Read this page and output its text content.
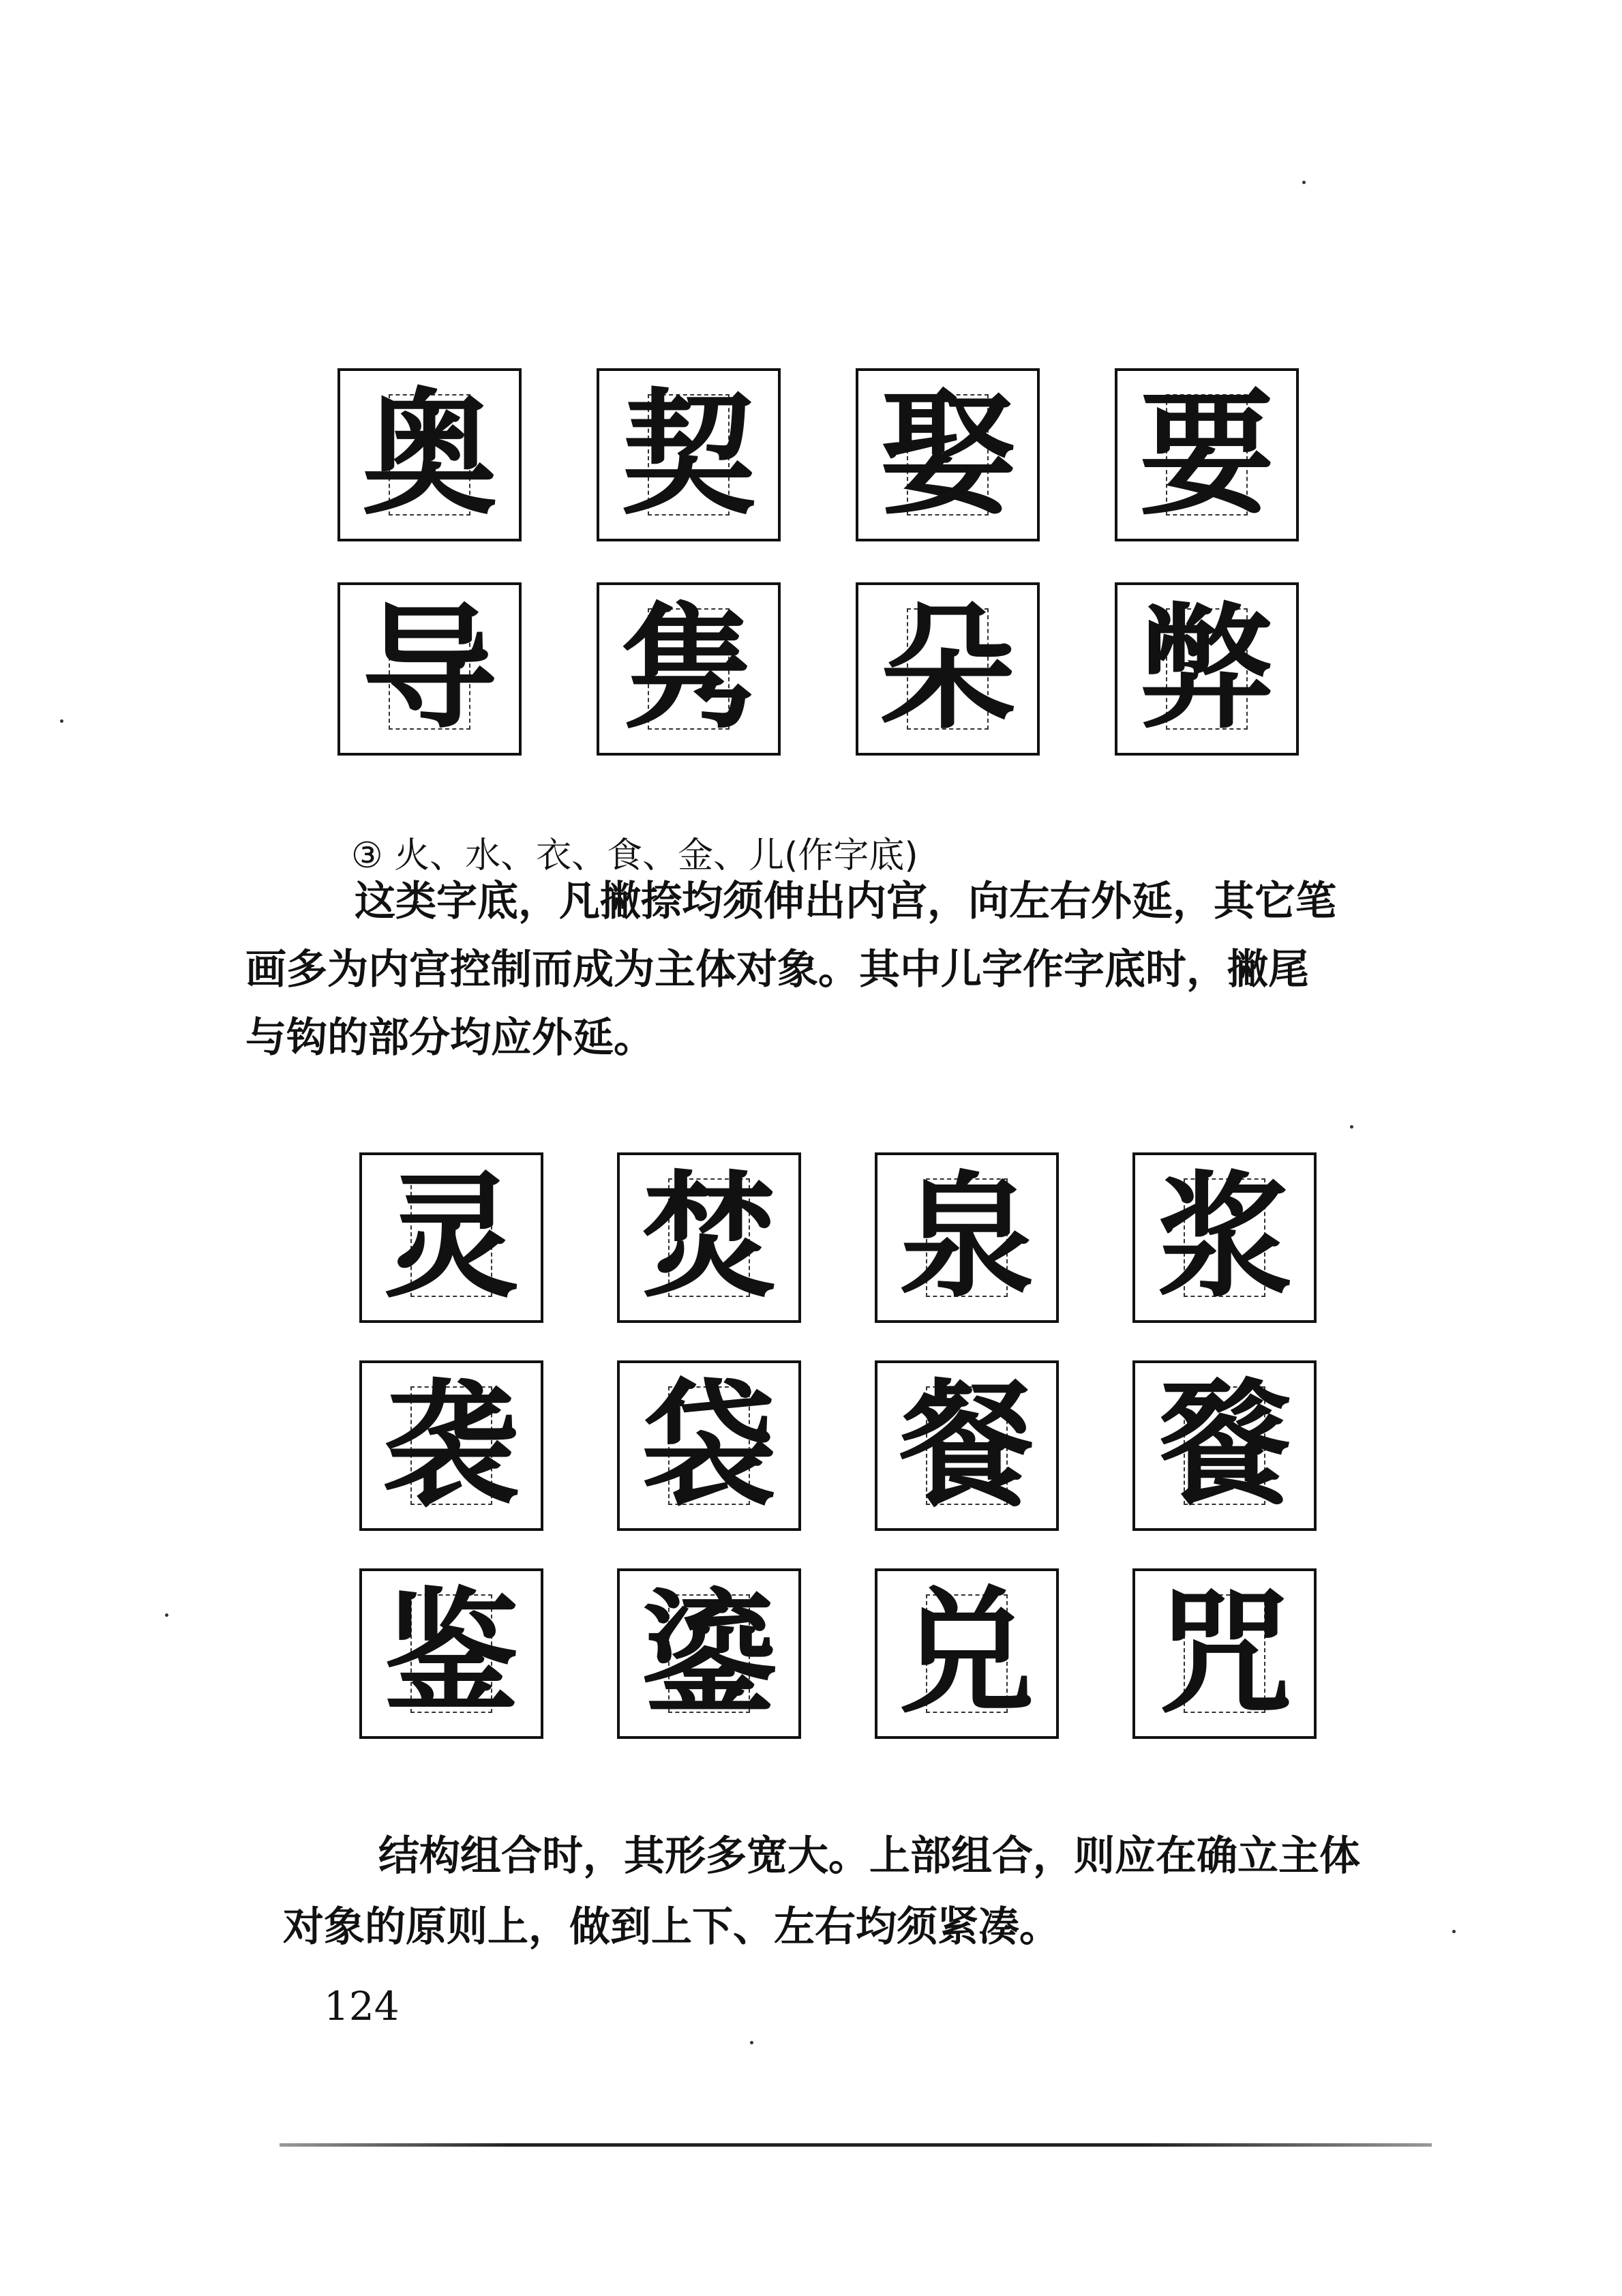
奥 契 娶 要
导 隽 朵 弊

③ 火、水、衣、食、金、儿(作字底)

这类字底，凡撇捺均须伸出内宫，向左右外延，其它笔

画多为内宫控制而成为主体对象。其中儿字作字底时，撇尾

与钩的部分均应外延。

灵 焚 泉 浆
袭 袋 餐 餮
鉴 鎏 兑 咒

结构组合时，其形多宽大。上部组合，则应在确立主体

对象的原则上，做到上下、左右均须紧凑。

124
